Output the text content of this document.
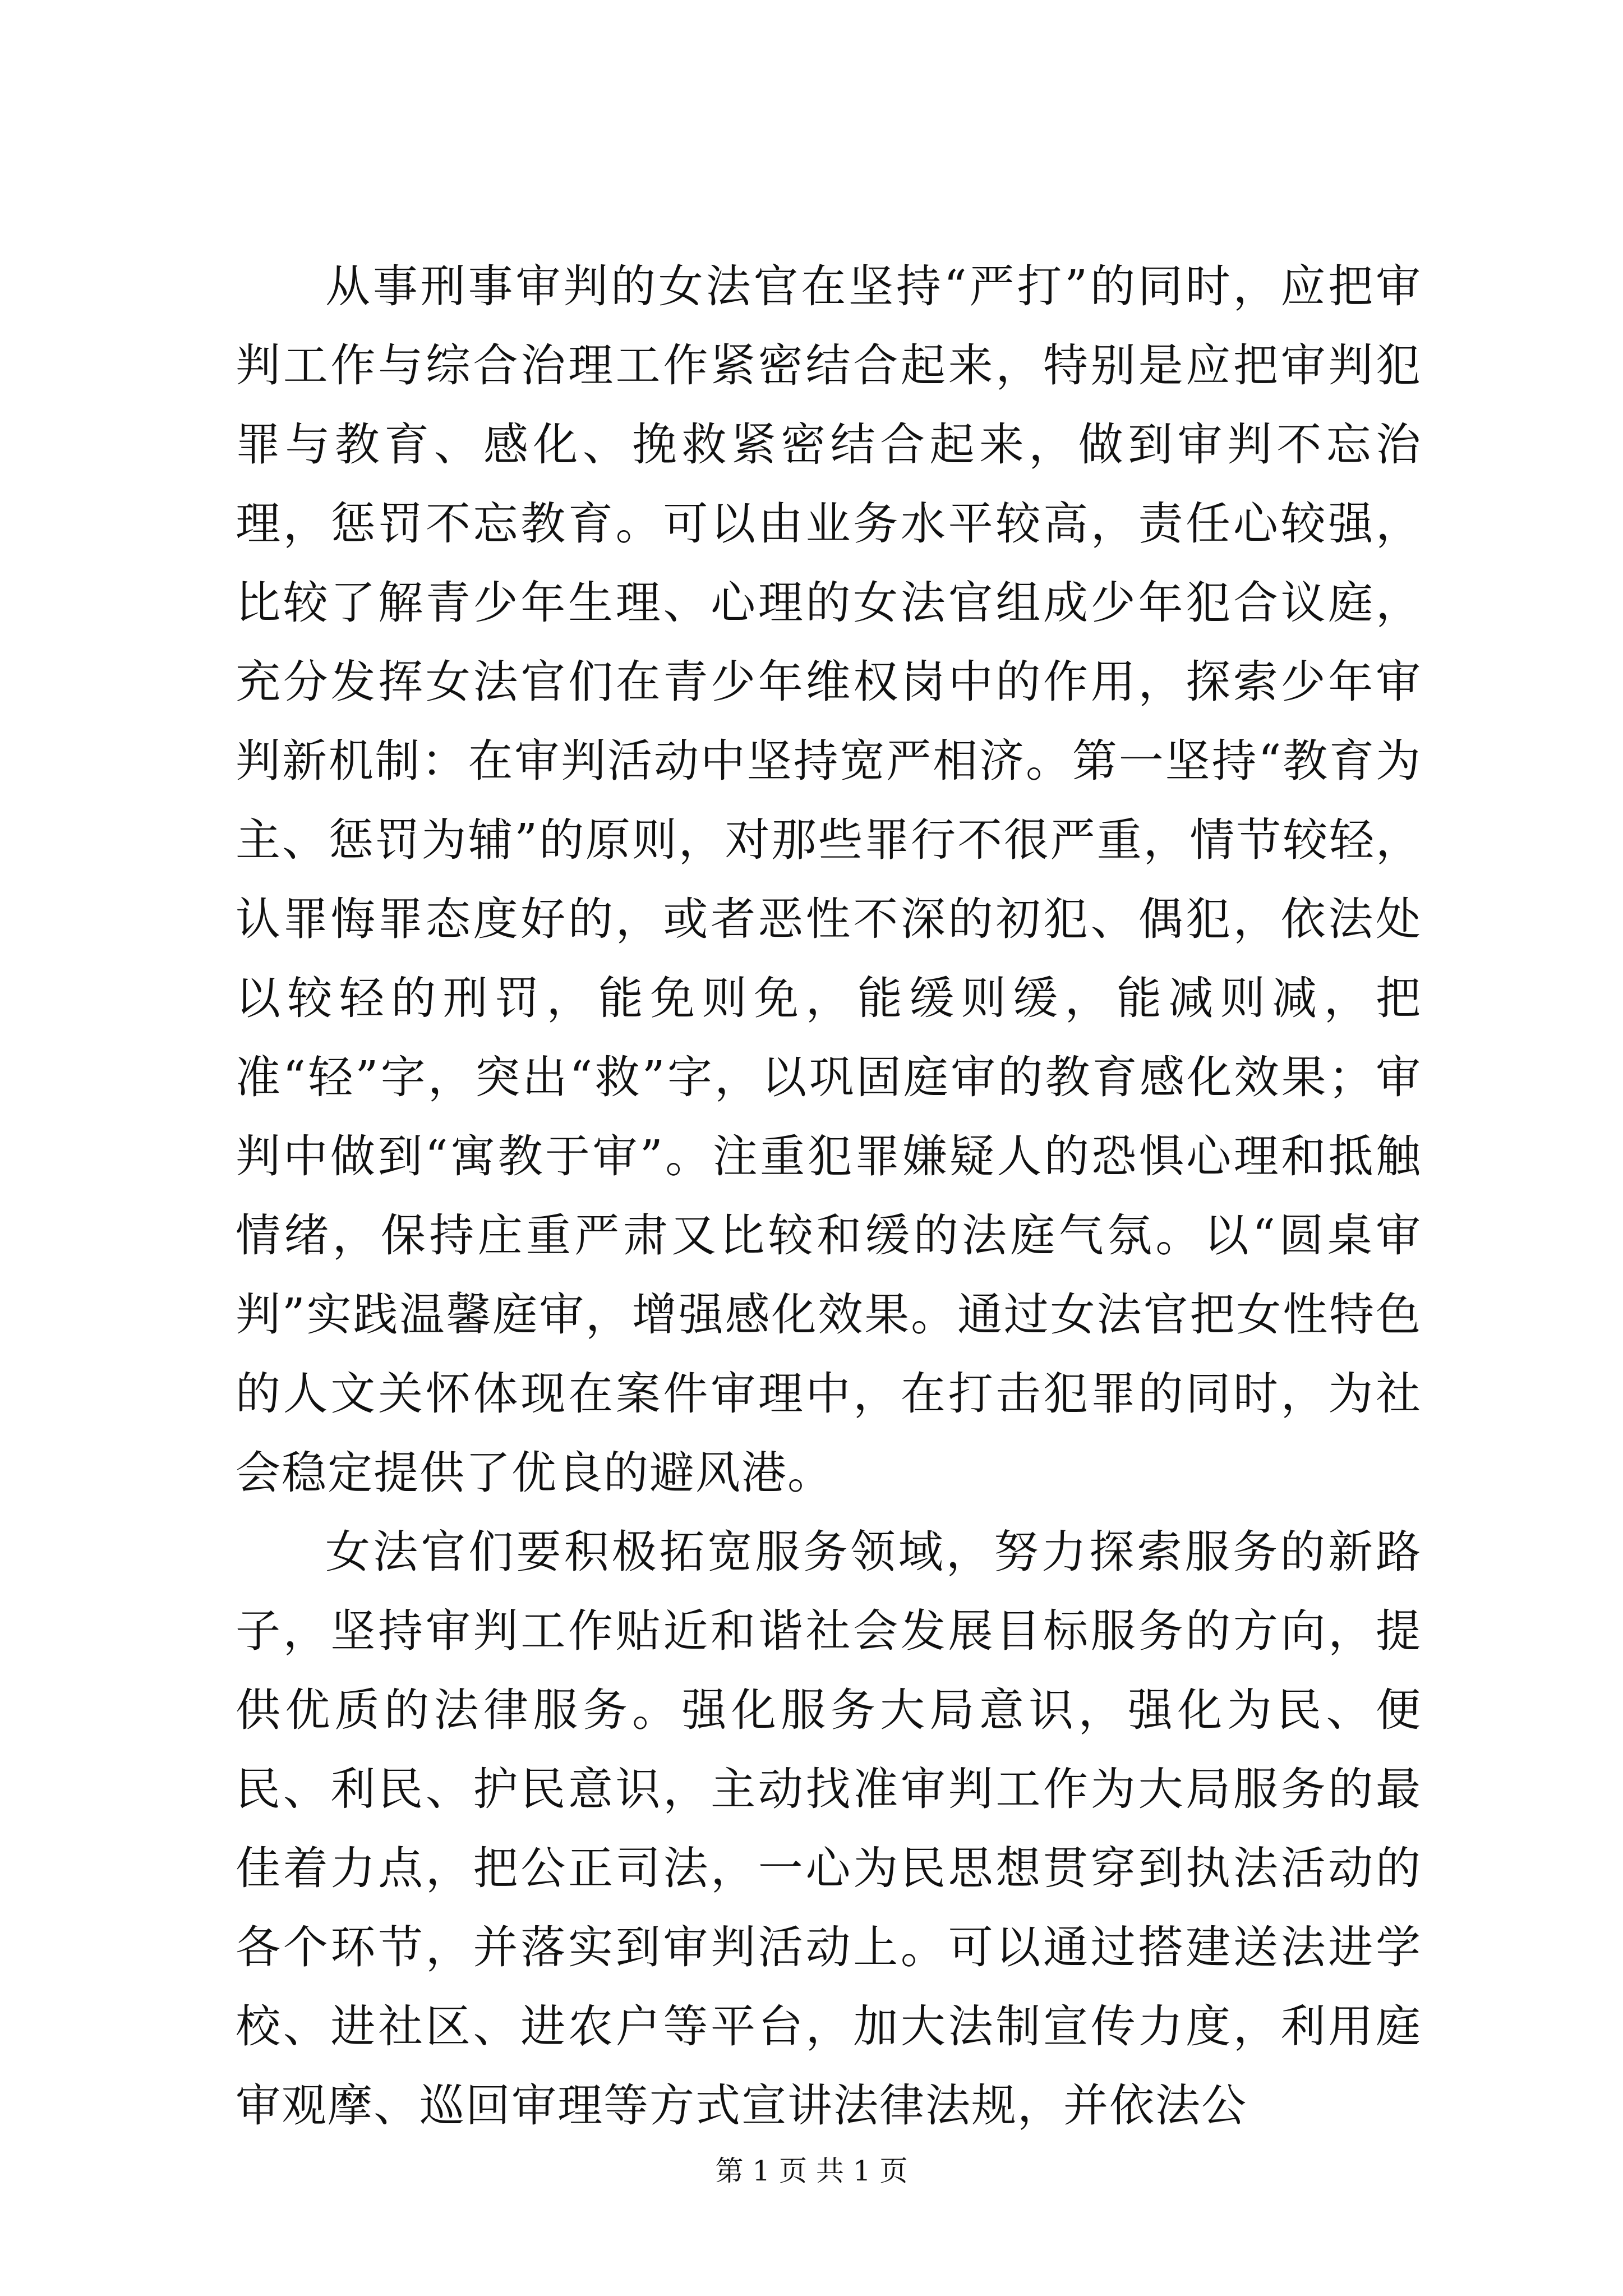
从事刑事审判的女法官在坚持“严打”的同时，应把审判工作与综合治理工作紧密结合起来，特别是应把审判犯罪与教育、感化、挽救紧密结合起来，做到审判不忘治理，惩罚不忘教育。可以由业务水平较高，责任心较强，比较了解青少年生理、心理的女法官组成少年犯合议庭，充分发挥女法官们在青少年维权岗中的作用，探索少年审判新机制：在审判活动中坚持宽严相济。第一坚持“教育为主、惩罚为辅”的原则，对那些罪行不很严重，情节较轻，认罪悔罪态度好的，或者恶性不深的初犯、偶犯，依法处以较轻的刑罚，能免则免，能缓则缓，能减则减，把准“轻”字，突出“救”字，以巩固庭审的教育感化效果；审判中做到“寓教于审”。注重犯罪嫌疑人的恐惧心理和抵触情绪，保持庄重严肃又比较和缓的法庭气氛。以“圆桌审判”实践温馨庭审，增强感化效果。通过女法官把女性特色的人文关怀体现在案件审理中，在打击犯罪的同时，为社会稳定提供了优良的避风港。

女法官们要积极拓宽服务领域，努力探索服务的新路子，坚持审判工作贴近和谐社会发展目标服务的方向，提供优质的法律服务。强化服务大局意识，强化为民、便民、利民、护民意识，主动找准审判工作为大局服务的最佳着力点，把公正司法，一心为民思想贯穿到执法活动的各个环节，并落实到审判活动上。可以通过搭建送法进学校、进社区、进农户等平台，加大法制宣传力度，利用庭审观摩、巡回审理等方式宣讲法律法规，并依法公

第 1 页 共 1 页
